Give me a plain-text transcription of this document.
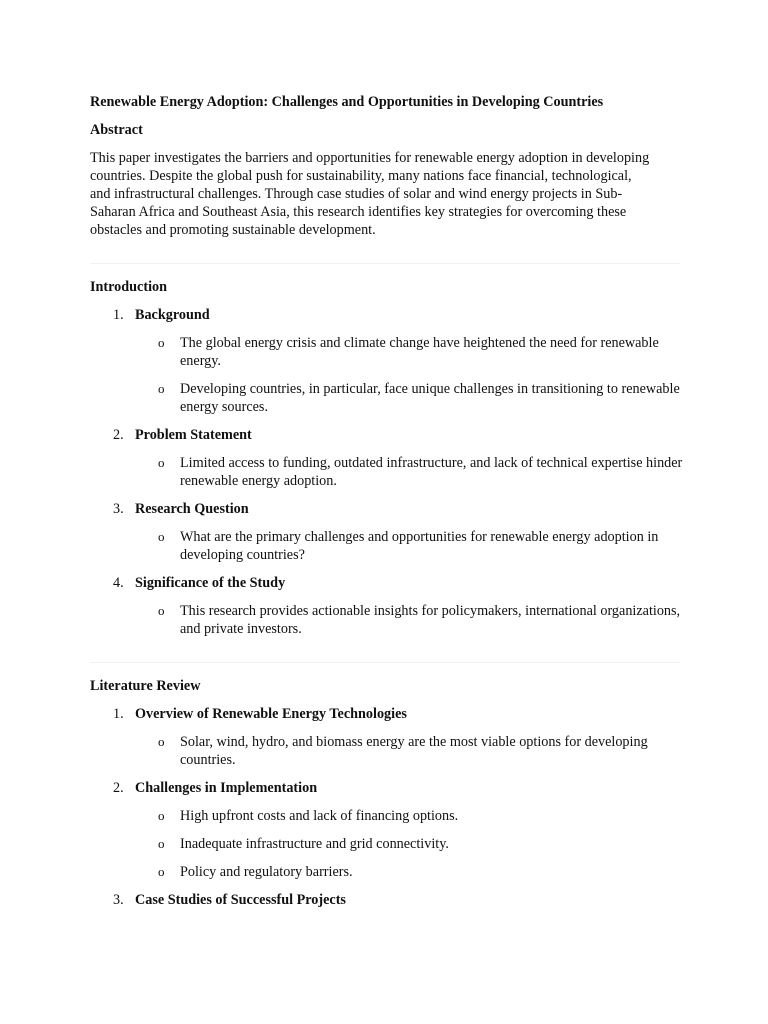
Renewable Energy Adoption: Challenges and Opportunities in Developing Countries
Abstract
This paper investigates the barriers and opportunities for renewable energy adoption in developing countries. Despite the global push for sustainability, many nations face financial, technological, and infrastructural challenges. Through case studies of solar and wind energy projects in Sub-Saharan Africa and Southeast Asia, this research identifies key strategies for overcoming these obstacles and promoting sustainable development.
Introduction
1. Background
o The global energy crisis and climate change have heightened the need for renewable energy.
o Developing countries, in particular, face unique challenges in transitioning to renewable energy sources.
2. Problem Statement
o Limited access to funding, outdated infrastructure, and lack of technical expertise hinder renewable energy adoption.
3. Research Question
o What are the primary challenges and opportunities for renewable energy adoption in developing countries?
4. Significance of the Study
o This research provides actionable insights for policymakers, international organizations, and private investors.
Literature Review
1. Overview of Renewable Energy Technologies
o Solar, wind, hydro, and biomass energy are the most viable options for developing countries.
2. Challenges in Implementation
o High upfront costs and lack of financing options.
o Inadequate infrastructure and grid connectivity.
o Policy and regulatory barriers.
3. Case Studies of Successful Projects
